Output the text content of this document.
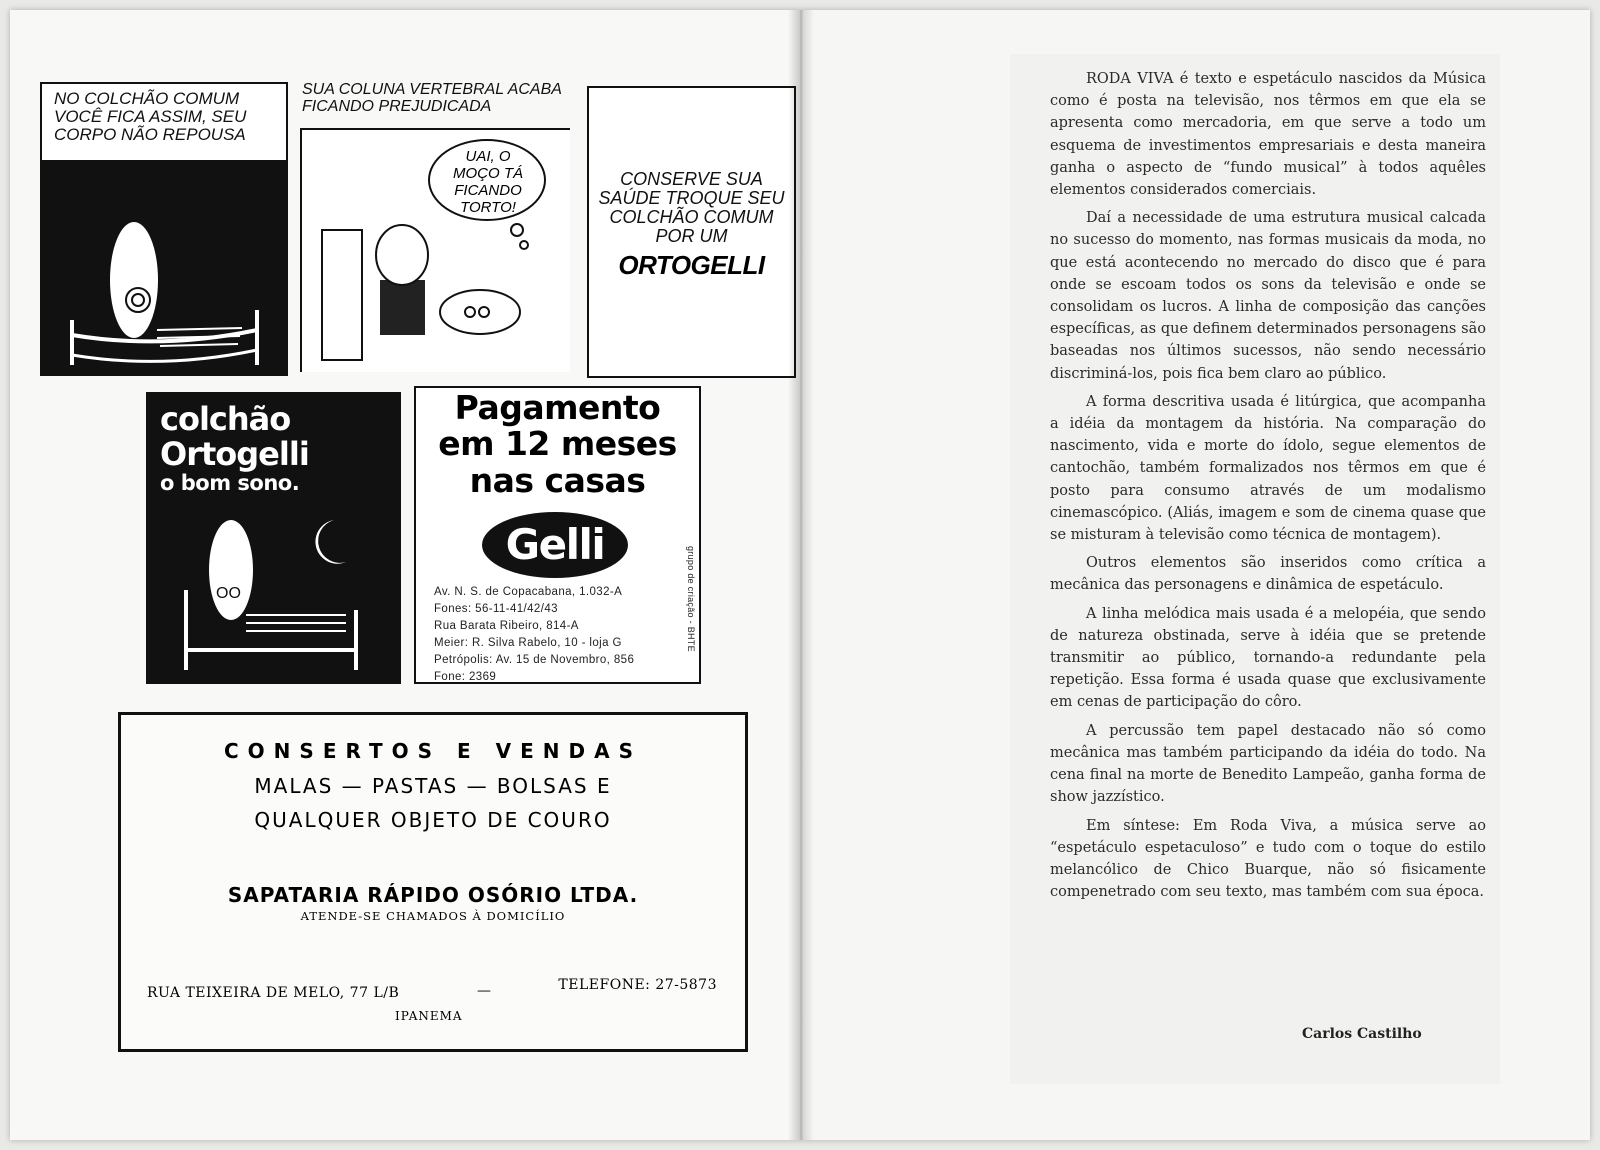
NO COLCHÃO COMUM VOCÊ FICA ASSIM, SEU CORPO NÃO REPOUSA
SUA COLUNA VERTEBRAL ACABA FICANDO PREJUDICADA
UAI, O MOÇO TÁ FICANDO TORTO!
CONSERVE SUA SAÚDE TROQUE SEU COLCHÃO COMUM POR UM
ORTOGELLI
colchão
Ortogelli
o bom sono.
OO
Pagamento
em 12 meses
nas casas
Gelli
Av. N. S. de Copacabana, 1.032-A
Fones: 56-11-41/42/43
Rua Barata Ribeiro, 814-A
Meier: R. Silva Rabelo, 10 - loja G
Petrópolis: Av. 15 de Novembro, 856
Fone: 2369
grupo de criação - BHTE
CONSERTOS E VENDAS
MALAS — PASTAS — BOLSAS E
QUALQUER OBJETO DE COURO
SAPATARIA RÁPIDO OSÓRIO LTDA.
ATENDE-SE CHAMADOS À DOMICÍLIO
RUA TEIXEIRA DE MELO, 77 L/B	—	TELEFONE: 27-5873
IPANEMA

RODA VIVA é texto e espetáculo nascidos da Música como é posta na televisão, nos têrmos em que ela se apresenta como mercadoria, em que serve a todo um esquema de investimentos empresariais e desta maneira ganha o aspecto de “fundo musical” à todos aquêles elementos considerados comerciais.

Daí a necessidade de uma estrutura musical calcada no sucesso do momento, nas formas musicais da moda, no que está acontecendo no mercado do disco que é para onde se escoam todos os sons da televisão e onde se consolidam os lucros. A linha de composição das canções específicas, as que definem determinados personagens são baseadas nos últimos sucessos, não sendo necessário discriminá-los, pois fica bem claro ao público.

A forma descritiva usada é litúrgica, que acompanha a idéia da montagem da história. Na comparação do nascimento, vida e morte do ídolo, segue elementos de cantochão, também formalizados nos têrmos em que é posto para consumo através de um modalismo cinemascópico. (Aliás, imagem e som de cinema quase que se misturam à televisão como técnica de montagem).

Outros elementos são inseridos como crítica a mecânica das personagens e dinâmica de espetáculo.

A linha melódica mais usada é a melopéia, que sendo de natureza obstinada, serve à idéia que se pretende transmitir ao público, tornando-a redundante pela repetição. Essa forma é usada quase que exclusivamente em cenas de participação do côro.

A percussão tem papel destacado não só como mecânica mas também participando da idéia do todo. Na cena final na morte de Benedito Lampeão, ganha forma de show jazzístico.

Em síntese: Em Roda Viva, a música serve ao “espetáculo espetaculoso” e tudo com o toque do estilo melancólico de Chico Buarque, não só fisicamente compenetrado com seu texto, mas também com sua época.

Carlos Castilho
